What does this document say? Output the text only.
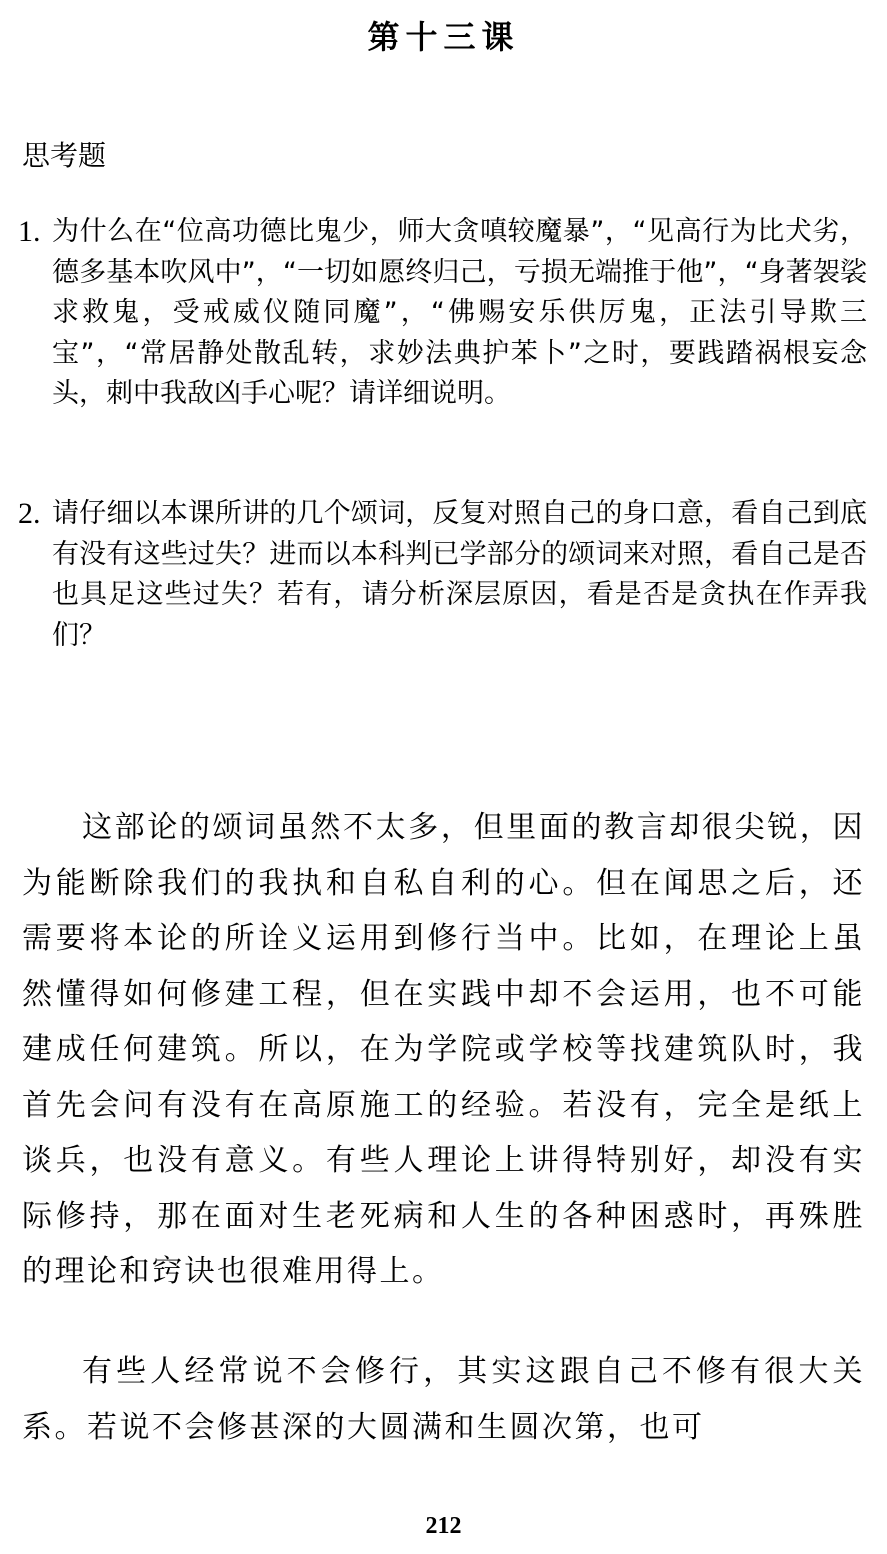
第十三课
思考题
1. 为什么在“位高功德比鬼少，师大贪嗔较魔暴”，“见高行为比犬劣，德多基本吹风中”，“一切如愿终归己，亏损无端推于他”，“身著袈裟求救鬼，受戒威仪随同魔”，“佛赐安乐供厉鬼，正法引导欺三宝”，“常居静处散乱转，求妙法典护苯卜”之时，要践踏祸根妄念头，刺中我敌凶手心呢？请详细说明。
2. 请仔细以本课所讲的几个颂词，反复对照自己的身口意，看自己到底有没有这些过失？进而以本科判已学部分的颂词来对照，看自己是否也具足这些过失？若有，请分析深层原因，看是否是贪执在作弄我们？

这部论的颂词虽然不太多，但里面的教言却很尖锐，因为能断除我们的我执和自私自利的心。但在闻思之后，还需要将本论的所诠义运用到修行当中。比如，在理论上虽然懂得如何修建工程，但在实践中却不会运用，也不可能建成任何建筑。所以，在为学院或学校等找建筑队时，我首先会问有没有在高原施工的经验。若没有，完全是纸上谈兵，也没有意义。有些人理论上讲得特别好，却没有实际修持，那在面对生老死病和人生的各种困惑时，再殊胜的理论和窍诀也很难用得上。

有些人经常说不会修行，其实这跟自己不修有很大关系。若说不会修甚深的大圆满和生圆次第，也可

212
